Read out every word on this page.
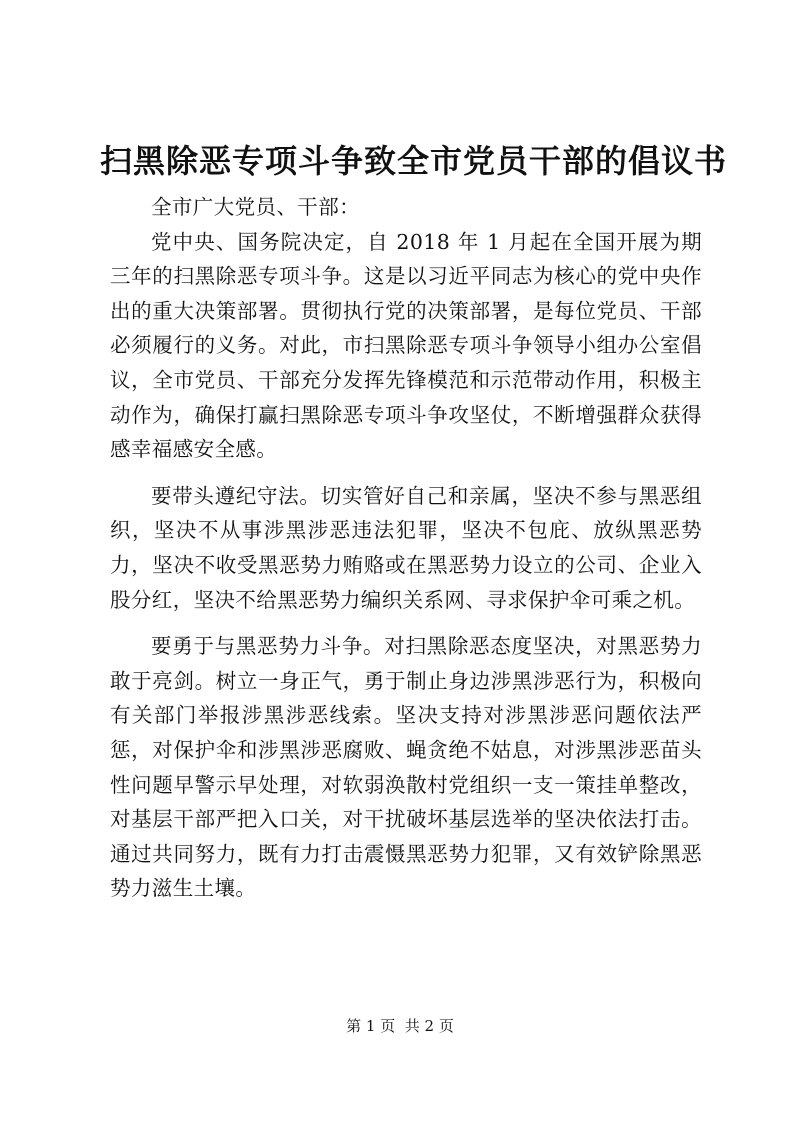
扫黑除恶专项斗争致全市党员干部的倡议书

全市广大党员、干部：

党中央、国务院决定，自 2018 年 1 月起在全国开展为期三年的扫黑除恶专项斗争。这是以习近平同志为核心的党中央作出的重大决策部署。贯彻执行党的决策部署，是每位党员、干部必须履行的义务。对此，市扫黑除恶专项斗争领导小组办公室倡议，全市党员、干部充分发挥先锋模范和示范带动作用，积极主动作为，确保打赢扫黑除恶专项斗争攻坚仗，不断增强群众获得感幸福感安全感。

要带头遵纪守法。切实管好自己和亲属，坚决不参与黑恶组织，坚决不从事涉黑涉恶违法犯罪，坚决不包庇、放纵黑恶势力，坚决不收受黑恶势力贿赂或在黑恶势力设立的公司、企业入股分红，坚决不给黑恶势力编织关系网、寻求保护伞可乘之机。

要勇于与黑恶势力斗争。对扫黑除恶态度坚决，对黑恶势力敢于亮剑。树立一身正气，勇于制止身边涉黑涉恶行为，积极向有关部门举报涉黑涉恶线索。坚决支持对涉黑涉恶问题依法严惩，对保护伞和涉黑涉恶腐败、蝇贪绝不姑息，对涉黑涉恶苗头性问题早警示早处理，对软弱涣散村党组织一支一策挂单整改，对基层干部严把入口关，对干扰破坏基层选举的坚决依法打击。通过共同努力，既有力打击震慑黑恶势力犯罪，又有效铲除黑恶势力滋生土壤。

第 1 页  共 2 页
